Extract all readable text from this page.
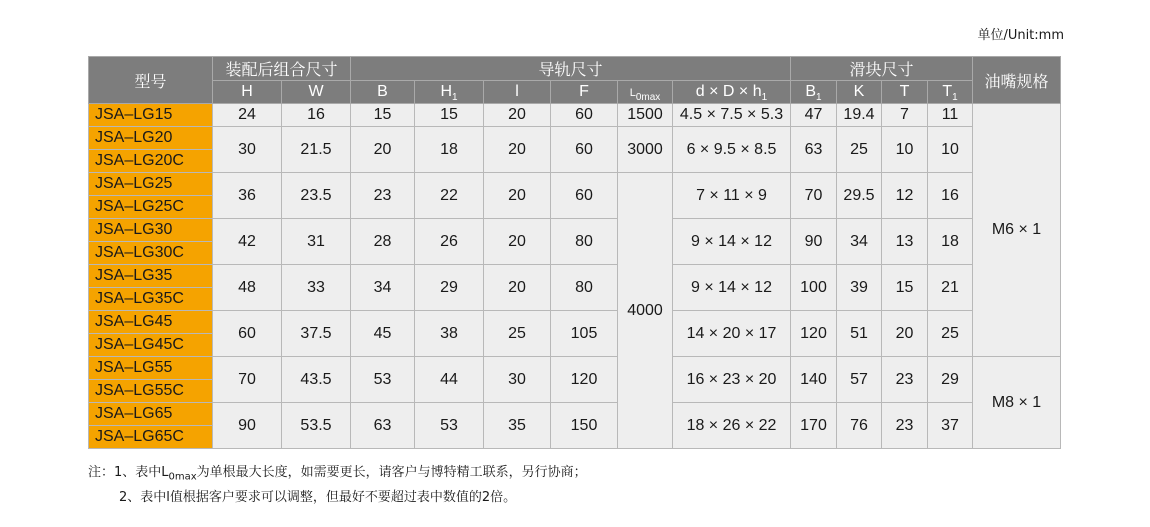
单位/Unit:mm
型号	装配后组合尺寸		导轨尺寸						滑块尺寸				油嘴规格
	H	W	B	$H_1$	l	F	$L_{0max}$	$d \times D \times h_1$	$B_1$	K	T	$T_1$
JSA–LG15	24	16	15	15	20	60	1500	4.5 × 7.5 × 5.3	47	19.4	7	11	M6 × 1
JSA–LG20	30	21.5	20	18	20	60	3000	6 × 9.5 × 8.5	63	25	10	10	
JSA–LG20C													
JSA–LG25	36	23.5	23	22	20	60	4000	7 × 11 × 9	70	29.5	12	16	
JSA–LG25C													
JSA–LG30	42	31	28	26	20	80		9 × 14 × 12	90	34	13	18	
JSA–LG30C													
JSA–LG35	48	33	34	29	20	80		9 × 14 × 12	100	39	15	21	
JSA–LG35C													
JSA–LG45	60	37.5	45	38	25	105		14 × 20 × 17	120	51	20	25	
JSA–LG45C													
JSA–LG55	70	43.5	53	44	30	120		16 × 23 × 20	140	57	23	29	M8 × 1
JSA–LG55C													
JSA–LG65	90	53.5	63	53	35	150		18 × 26 × 22	170	76	23	37	
JSA–LG65C													
注：1、表中$L_{0max}$为单根最大长度，如需要更长，请客户与博特精工联系，另行协商；
2、表中l值根据客户要求可以调整，但最好不要超过表中数值的2倍。
